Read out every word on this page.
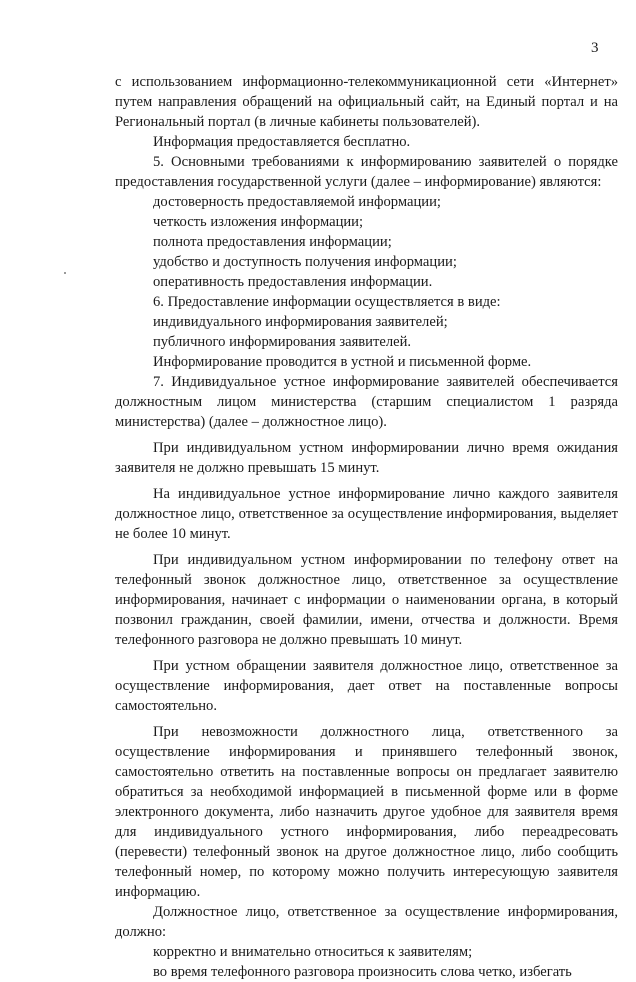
3

с использованием информационно-телекоммуникационной сети «Интернет» путем направления обращений на официальный сайт, на Единый портал и на Региональный портал (в личные кабинеты пользователей).

Информация предоставляется бесплатно.

5. Основными требованиями к информированию заявителей о порядке предоставления государственной услуги (далее – информирование) являются:

достоверность предоставляемой информации;

четкость изложения информации;

полнота предоставления информации;

удобство и доступность получения информации;

оперативность предоставления информации.

6. Предоставление информации осуществляется в виде:

индивидуального информирования заявителей;

публичного информирования заявителей.

Информирование проводится в устной и письменной форме.

7. Индивидуальное устное информирование заявителей обеспечивается должностным лицом министерства (старшим специалистом 1 разряда министерства) (далее – должностное лицо).

При индивидуальном устном информировании лично время ожидания заявителя не должно превышать 15 минут.

На индивидуальное устное информирование лично каждого заявителя должностное лицо, ответственное за осуществление информирования, выделяет не более 10 минут.

При индивидуальном устном информировании по телефону ответ на телефонный звонок должностное лицо, ответственное за осуществление информирования, начинает с информации о наименовании органа, в который позвонил гражданин, своей фамилии, имени, отчества и должности. Время телефонного разговора не должно превышать 10 минут.

При устном обращении заявителя должностное лицо, ответственное за осуществление информирования, дает ответ на поставленные вопросы самостоятельно.

При невозможности должностного лица, ответственного за осуществление информирования и принявшего телефонный звонок, самостоятельно ответить на поставленные вопросы он предлагает заявителю обратиться за необходимой информацией в письменной форме или в форме электронного документа, либо назначить другое удобное для заявителя время для индивидуального устного информирования, либо переадресовать (перевести) телефонный звонок на другое должностное лицо, либо сообщить телефонный номер, по которому можно получить интересующую заявителя информацию.

Должностное лицо, ответственное за осуществление информирования, должно:

корректно и внимательно относиться к заявителям;

во время телефонного разговора произносить слова четко, избегать
